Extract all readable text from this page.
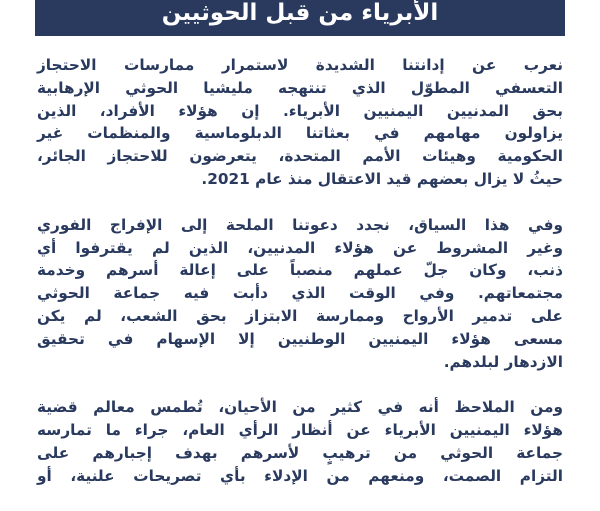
الأبرياء من قبل الحوثيين
نعرب عن إدانتنا الشديدة لاستمرار ممارسات الاحتجاز
التعسفي المطوّل الذي تنتهجه مليشيا الحوثي الإرهابية
بحق المدنيين اليمنيين الأبرياء. إن هؤلاء الأفراد، الذين
يزاولون مهامهم في بعثاتنا الدبلوماسية والمنظمات غير
الحكومية وهيئات الأمم المتحدة، يتعرضون للاحتجاز الجائر،
حيثُ لا يزال بعضهم قيد الاعتقال منذ عام 2021.
وفي هذا السياق، نجدد دعوتنا الملحة إلى الإفراج الفوري
وغير المشروط عن هؤلاء المدنيين، الذين لم يقترفوا أي
ذنب، وكان جلّ عملهم منصباً على إعالة أسرهم وخدمة
مجتمعاتهم. وفي الوقت الذي دأبت فيه جماعة الحوثي
على تدمير الأرواح وممارسة الابتزاز بحق الشعب، لم يكن
مسعى هؤلاء اليمنيين الوطنيين إلا الإسهام في تحقيق
الازدهار لبلدهم.
ومن الملاحظ أنه في كثير من الأحيان، تُطمس معالم قضية
هؤلاء اليمنيين الأبرياء عن أنظار الرأي العام، جراء ما تمارسه
جماعة الحوثي من ترهيبٍ لأسرهم بهدف إجبارهم على
التزام الصمت، ومنعهم من الإدلاء بأي تصريحات علنية، أو
